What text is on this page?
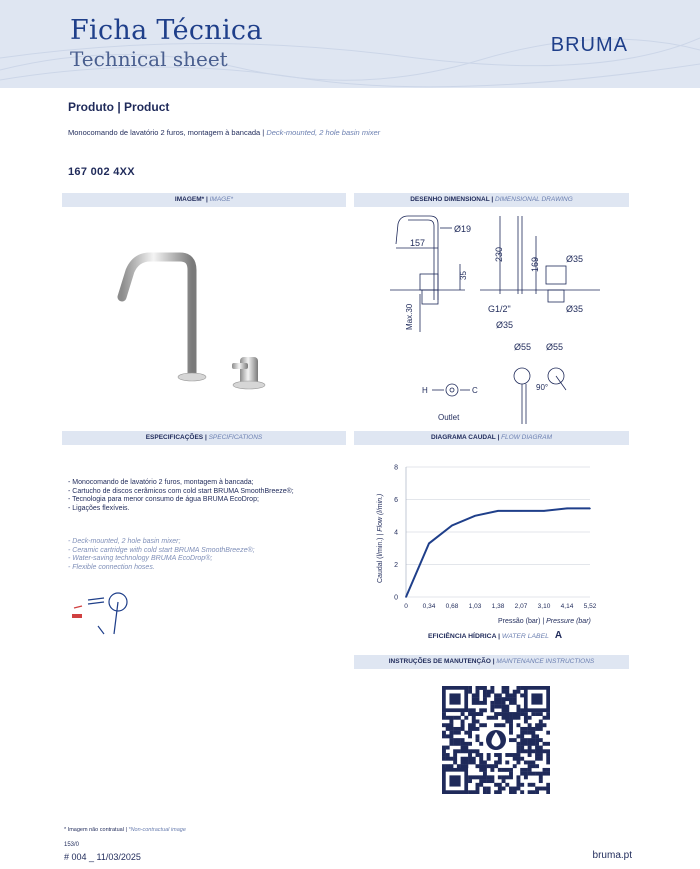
Ficha Técnica
Technical sheet
BRUMA
Produto | Product
Monocomando de lavatório 2 furos, montagem à bancada | Deck-mounted, 2 hole basin mixer
167 002 4XX
IMAGEM* | IMAGE*	DESENHO DIMENSIONAL | DIMENSIONAL DRAWING
ESPECIFICAÇÕES | SPECIFICATIONS	DIAGRAMA CAUDAL | FLOW DIAGRAM
INSTRUÇÕES DE MANUTENÇÃO | MAINTENANCE INSTRUCTIONS
Ø19
157
35
Max.30
230
169	Ø35
G1/2"
Ø35
Ø35
Ø55 Ø55
90°
H	C
Outlet
- Monocomando de lavatório 2 furos, montagem à bancada;
- Cartucho de discos cerâmicos com cold start BRUMA SmoothBreeze®;
- Tecnologia para menor consumo de água BRUMA EcoDrop;
- Ligações flexíveis.
- Deck-mounted, 2 hole basin mixer;
- Ceramic cartridge with cold start BRUMA SmoothBreeze®;
- Water-saving technology BRUMA EcoDrop®;
- Flexible connection hoses.
0
2
4
6
8
0 0,34 0,68 1,03 1,38 2,07 3,10 4,14 5,52
Caudal (l/min.) | Flow (l/min.)
Pressão (bar) | Pressure (bar)
EFICIÊNCIA HÍDRICA | WATER LABEL A
* Imagem não contratual | *Non-contractual image
153/0
# 004 _ 11/03/2025	bruma.pt
